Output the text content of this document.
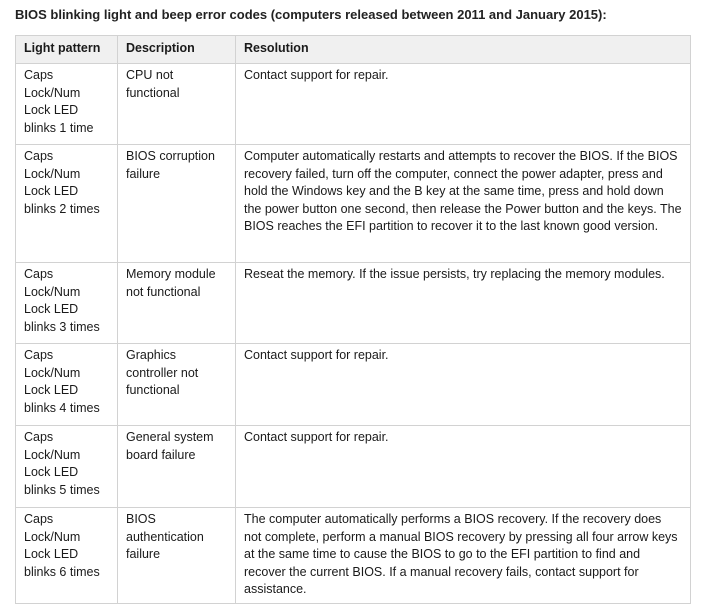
BIOS blinking light and beep error codes (computers released between 2011 and January 2015):
Light pattern	Description	Resolution
Caps Lock/Num Lock LED blinks 1 time	CPU not functional	Contact support for repair.
Caps Lock/Num Lock LED blinks 2 times	BIOS corruption failure	Computer automatically restarts and attempts to recover the BIOS. If the BIOS recovery failed, turn off the computer, connect the power adapter, press and hold the Windows key and the B key at the same time, press and hold down the power button one second, then release the Power button and the keys. The BIOS reaches the EFI partition to recover it to the last known good version.
Caps Lock/Num Lock LED blinks 3 times	Memory module not functional	Reseat the memory. If the issue persists, try replacing the memory modules.
Caps Lock/Num Lock LED blinks 4 times	Graphics controller not functional	Contact support for repair.
Caps Lock/Num Lock LED blinks 5 times	General system board failure	Contact support for repair.
Caps Lock/Num Lock LED blinks 6 times	BIOS authentication failure	The computer automatically performs a BIOS recovery. If the recovery does not complete, perform a manual BIOS recovery by pressing all four arrow keys at the same time to cause the BIOS to go to the EFI partition to find and recover the current BIOS. If a manual recovery fails, contact support for assistance.
